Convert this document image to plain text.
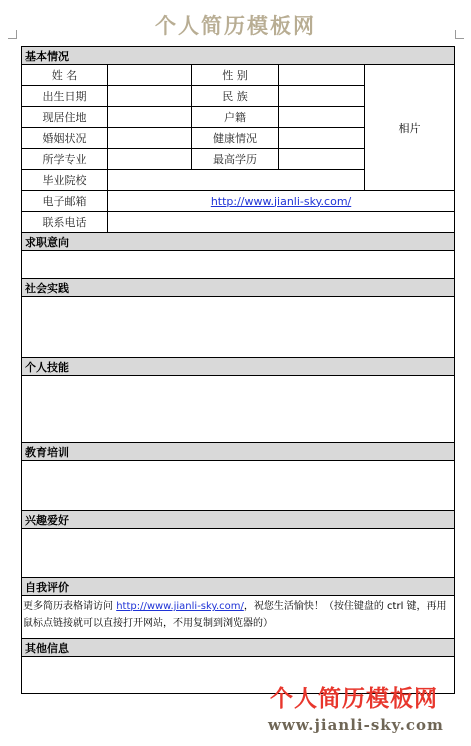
个人简历模板网
基本情况				
姓 名		性 别		相片
出生日期		民 族		
现居住地		户籍		
婚姻状况		健康情况		
所学专业		最高学历		
毕业院校				
电子邮箱	http://www.jianli-sky.com/			
联系电话				
求职意向				

社会实践				

个人技能				

教育培训				

兴趣爱好				

自我评价				
更多简历表格请访问 http://www.jianli-sky.com/，祝您生活愉快！（按住键盘的 ctrl 键，再用鼠标点链接就可以直接打开网站，不用复制到浏览器的）				
其他信息				

个人简历模板网
www.jianli-sky.com
